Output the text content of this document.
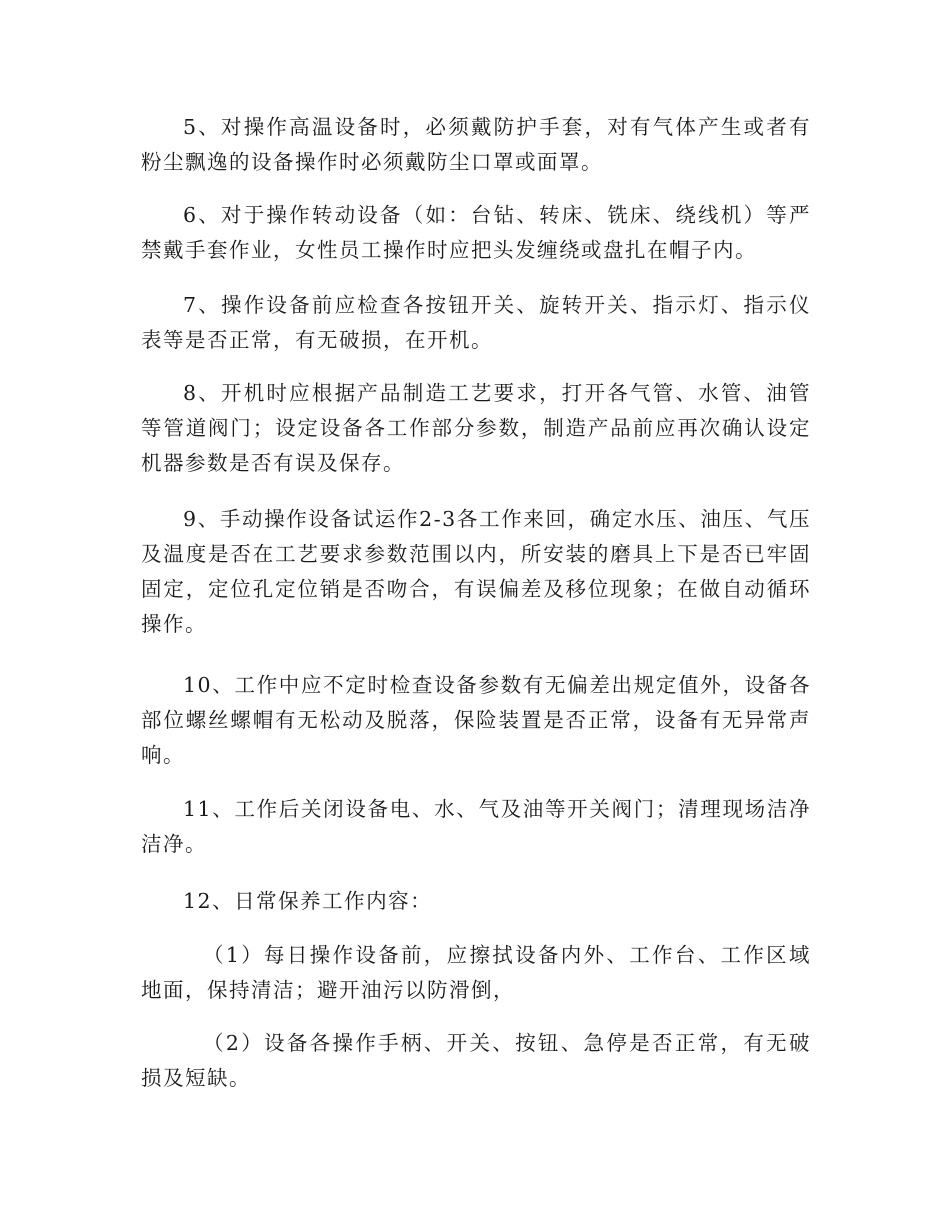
5、对操作高温设备时，必须戴防护手套，对有气体产生或者有粉尘飘逸的设备操作时必须戴防尘口罩或面罩。

6、对于操作转动设备（如：台钻、转床、铣床、绕线机）等严禁戴手套作业，女性员工操作时应把头发缠绕或盘扎在帽子内。

7、操作设备前应检查各按钮开关、旋转开关、指示灯、指示仪表等是否正常，有无破损，在开机。

8、开机时应根据产品制造工艺要求，打开各气管、水管、油管等管道阀门；设定设备各工作部分参数，制造产品前应再次确认设定机器参数是否有误及保存。

9、手动操作设备试运作2-3各工作来回，确定水压、油压、气压及温度是否在工艺要求参数范围以内，所安装的磨具上下是否已牢固固定，定位孔定位销是否吻合，有误偏差及移位现象；在做自动循环操作。

10、工作中应不定时检查设备参数有无偏差出规定值外，设备各部位螺丝螺帽有无松动及脱落，保险装置是否正常，设备有无异常声响。

11、工作后关闭设备电、水、气及油等开关阀门；清理现场洁净洁净。

12、日常保养工作内容：

（1）每日操作设备前，应擦拭设备内外、工作台、工作区域地面，保持清洁；避开油污以防滑倒，

（2）设备各操作手柄、开关、按钮、急停是否正常，有无破损及短缺。
